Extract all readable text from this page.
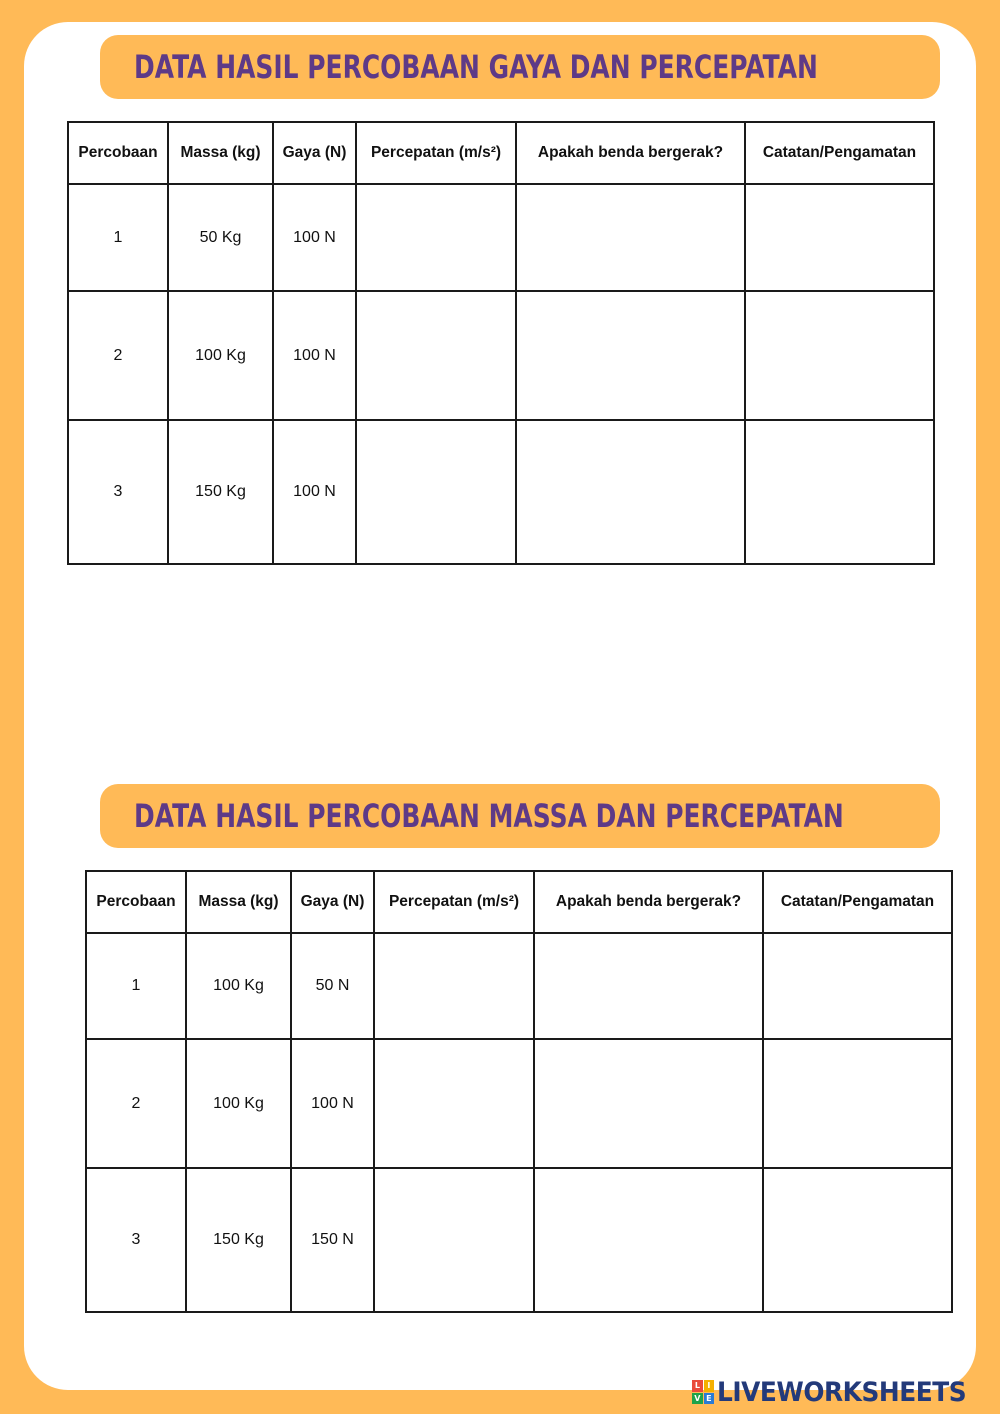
DATA HASIL PERCOBAAN GAYA DAN PERCEPATAN
Percobaan	Massa (kg)	Gaya (N)	Percepatan (m/s²)	Apakah benda bergerak?	Catatan/Pengamatan
1	50 Kg	100 N			
2	100 Kg	100 N			
3	150 Kg	100 N			
DATA HASIL PERCOBAAN MASSA DAN PERCEPATAN
Percobaan	Massa (kg)	Gaya (N)	Percepatan (m/s²)	Apakah benda bergerak?	Catatan/Pengamatan
1	100 Kg	50 N			
2	100 Kg	100 N			
3	150 Kg	150 N			
L I
V E LIVEWORKSHEETS
